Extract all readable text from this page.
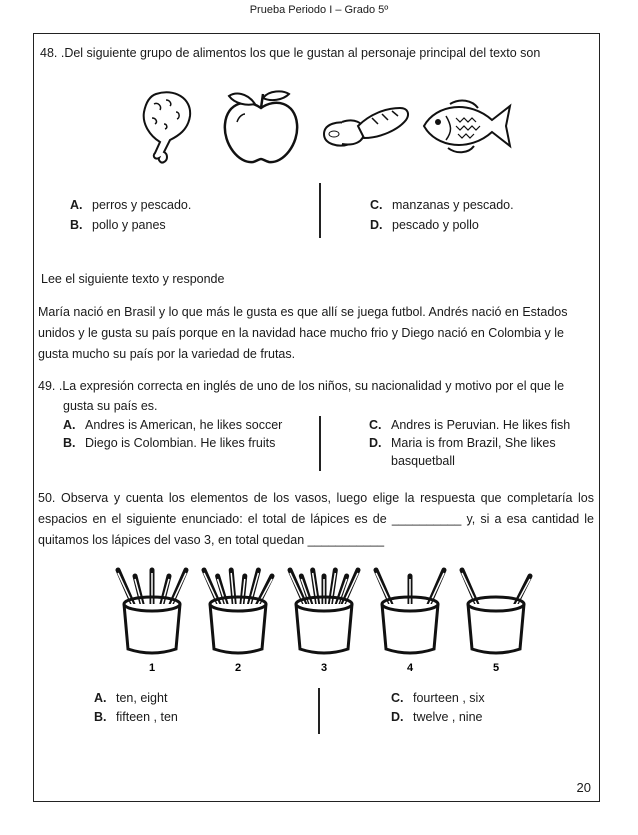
Prueba Periodo I – Grado 5º
48. .Del siguiente grupo de alimentos los que le gustan al personaje principal del texto son
A. perros y pescado.
B. pollo y panes
C. manzanas y pescado.
D. pescado y pollo
Lee el siguiente texto y responde
María nació en Brasil y lo que más le gusta es que allí se juega futbol. Andrés nació en Estados
unidos y le gusta su país porque en la navidad hace mucho frio y Diego nació en Colombia y le
gusta mucho su país por la variedad de frutas.
49. .La expresión correcta en inglés de uno de los niños, su nacionalidad y motivo por el que le
gusta su país es.
A. Andres is American, he likes soccer
B. Diego is Colombian. He likes fruits
C. Andres is Peruvian. He likes fish
D. Maria is from Brazil, She likes
basquetball
50. Observa y cuenta los elementos de los vasos, luego elige la respuesta que completaría los
espacios en el siguiente enunciado: el total de lápices es de __________ y, si a esa cantidad le
quitamos los lápices del vaso 3, en total quedan ___________
1	2	3	4	5
A. ten, eight
B. fifteen , ten
C. fourteen , six
D. twelve , nine
20
